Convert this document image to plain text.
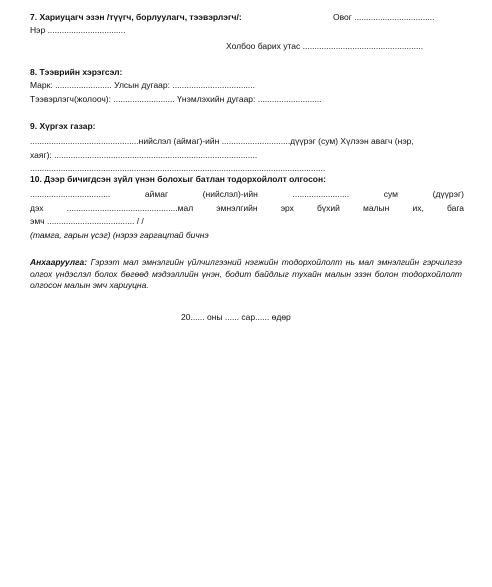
7. Хариуцагч эзэн /түүгч, борлуулагч, тээвэрлэгч/:	Овог ..................................
Нэр .................................
Холбоо барих утас ...................................................
8. Тээврийн хэрэгсэл:
Марк: ........................ Улсын дугаар: ...................................
Тээвэрлэгч(жолооч): .......................... Үнэмлэхийн дугаар: ...........................
9. Хүргэх газар:
..............................................нийслэл (аймаг)-ийн .............................дүүрэг (сум) Хүлээн авагч (нэр,
хаяг): ......................................................................................
.............................................................................................................................
10. Дээр бичигдсэн зүйл үнэн болохыг батлан тодорхойлолт олгосон:
..................................	аймаг	(нийслэл)-ийн	........................	сум	(дүүрэг)
дэх	...............................................мал	эмнэлгийн	эрх	бүхий	малын	их,	бага
эмч ..................................... / /
(тамга, гарын үсэг) (нэрээ гаргацтай бичнэ
Анхааруулга: Гэрээт мал эмнэлгийн үйлчилгээний нэгжийн тодорхойлолт нь мал эмнэлгийн гэрчилгээ олгох үндэслэл болох бөгөөд мэдээллийн үнэн, бодит байдлыг тухайн малын эзэн болон тодорхойлолт олгосон малын эмч хариуцна.
20...... оны ...... сар...... өдөр
